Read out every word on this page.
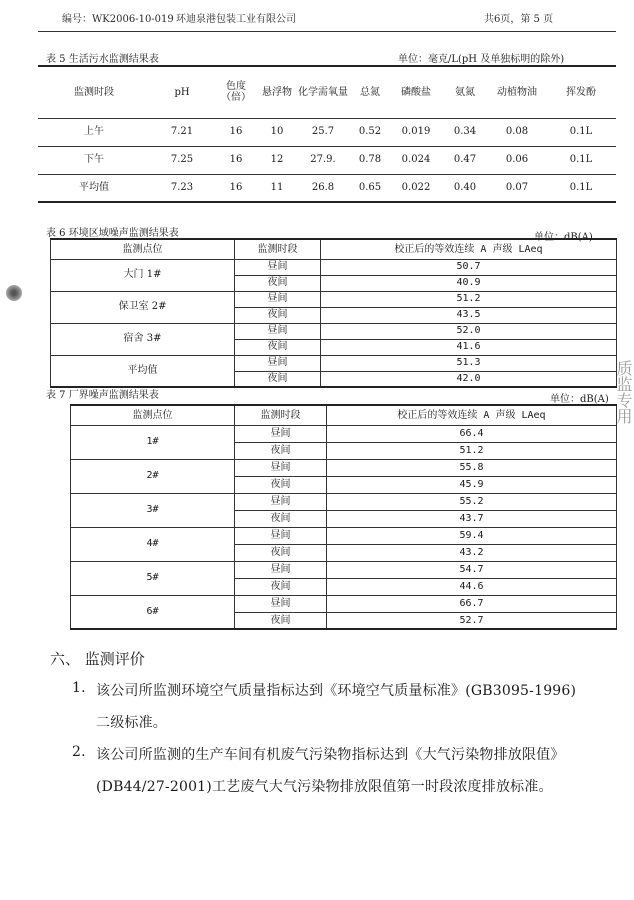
编号：WK2006-10-019 环迪泉港包装工业有限公司	共6页，第 5 页
表 5 生活污水监测结果表	单位：毫克/L(pH 及单独标明的除外)
监测时段	pH	色度（倍）	悬浮物	化学需氧量	总氮	磷酸盐	氨氮	动植物油	挥发酚
上午	7.21	16	10	25.7	0.52	0.019	0.34	0.08	0.1L
下午	7.25	16	12	27.9.	0.78	0.024	0.47	0.06	0.1L
平均值	7.23	16	11	26.8	0.65	0.022	0.40	0.07	0.1L
表 6 环境区域噪声监测结果表	单位：dB(A)
监测点位	监测时段	校正后的等效连续 A 声级 LAeq
大门 1#	昼间	50.7
	夜间	40.9
保卫室 2#	昼间	51.2
	夜间	43.5
宿舍 3#	昼间	52.0
	夜间	41.6
平均值	昼间	51.3
	夜间	42.0
表 7 厂界噪声监测结果表	单位：dB(A)
监测点位	监测时段	校正后的等效连续 A 声级 LAeq
1#	昼间	66.4
	夜间	51.2
2#	昼间	55.8
	夜间	45.9
3#	昼间	55.2
	夜间	43.7
4#	昼间	59.4
	夜间	43.2
5#	昼间	54.7
	夜间	44.6
6#	昼间	66.7
	夜间	52.7
六、 监测评价
1. 该公司所监测环境空气质量指标达到《环境空气质量标准》(GB3095-1996)
二级标准。
2. 该公司所监测的生产车间有机废气污染物指标达到《大气污染物排放限值》
(DB44/27-2001)工艺废气大气污染物排放限值第一时段浓度排放标准。
质监专用
